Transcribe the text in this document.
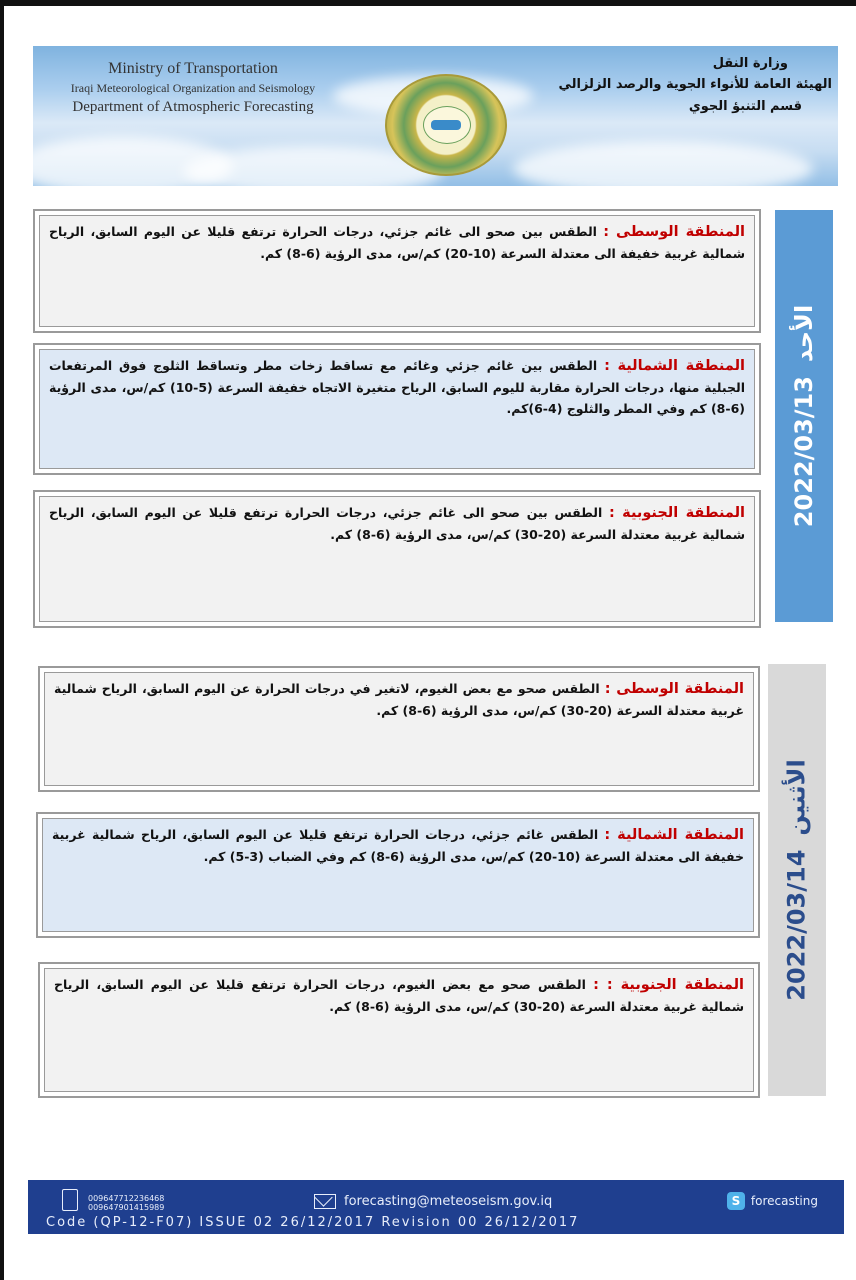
Ministry of Transportation
Iraqi Meteorological Organization and Seismology
Department of Atmospheric Forecasting
وزارة النقل
الهيئة العامة للأنواء الجوية والرصد الزلزالي
قسم التنبؤ الجوي
2022/03/13
الأحد
المنطقة الوسطى : الطقس بين صحو الى غائم جزئي، درجات الحرارة ترتفع قليلا عن اليوم السابق، الرياح شمالية غربية خفيفة الى معتدلة السرعة (10-20) كم/س، مدى الرؤية (6-8) كم.
المنطقة الشمالية : الطقس بين غائم جزئي وغائم مع تساقط زخات مطر وتساقط الثلوج فوق المرتفعات الجبلية منها، درجات الحرارة مقاربة لليوم السابق، الرياح متغيرة الاتجاه خفيفة السرعة (5-10) كم/س، مدى الرؤية (6-8) كم وفي المطر والثلوج (4-6)كم.
المنطقة الجنوبية : الطقس بين صحو الى غائم جزئي، درجات الحرارة ترتفع قليلا عن اليوم السابق، الرياح شمالية غربية معتدلة السرعة (20-30) كم/س، مدى الرؤية (6-8) كم.
2022/03/14
الأثنين
المنطقة الوسطى : الطقس صحو مع بعض الغيوم، لاتغير في درجات الحرارة عن اليوم السابق، الرياح شمالية غربية معتدلة السرعة (20-30) كم/س، مدى الرؤية (6-8) كم.
المنطقة الشمالية : الطقس غائم جزئي، درجات الحرارة ترتفع قليلا عن اليوم السابق، الرياح شمالية غربية خفيفة الى معتدلة السرعة (10-20) كم/س، مدى الرؤية (6-8) كم وفي الضباب (3-5) كم.
المنطقة الجنوبية : : الطقس صحو مع بعض الغيوم، درجات الحرارة ترتفع قليلا عن اليوم السابق، الرياح شمالية غربية معتدلة السرعة (20-30) كم/س، مدى الرؤية (6-8) كم.
009647712236468
009647901415989	forecasting@meteoseism.gov.iq	S forecasting
Code (QP-12-F07) ISSUE 02 26/12/2017 Revision 00 26/12/2017
